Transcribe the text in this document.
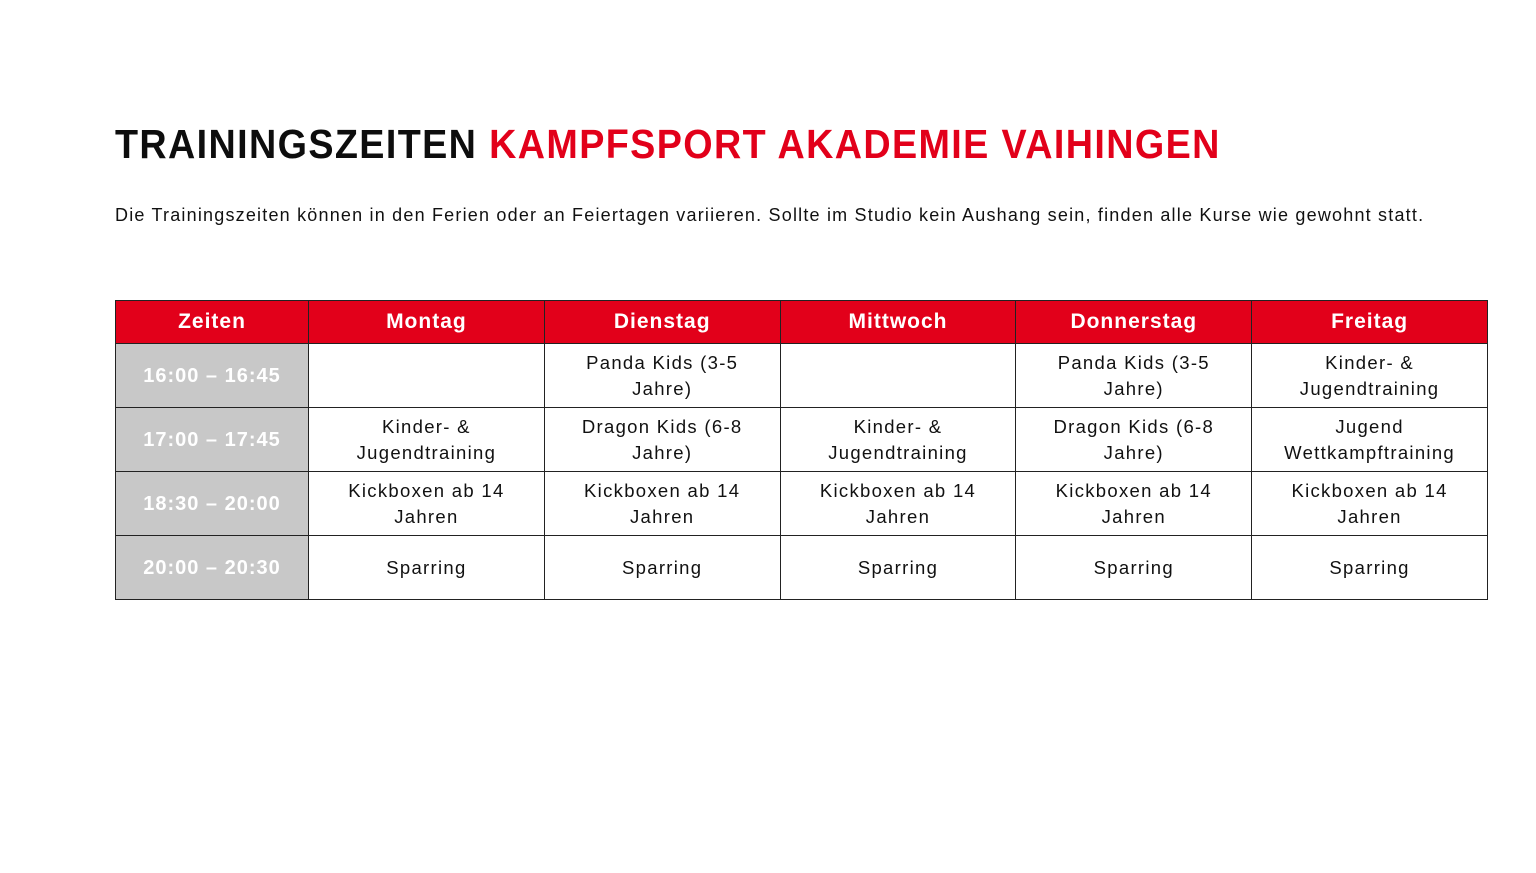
TRAININGSZEITEN KAMPFSPORT AKADEMIE VAIHINGEN

Die Trainingszeiten können in den Ferien oder an Feiertagen variieren. Sollte im Studio kein Aushang sein, finden alle Kurse wie gewohnt statt.

Zeiten	Montag	Dienstag	Mittwoch	Donnerstag	Freitag
16:00 – 16:45		Panda Kids (3-5 Jahre)		Panda Kids (3-5 Jahre)	Kinder- & Jugendtraining
17:00 – 17:45	Kinder- & Jugendtraining	Dragon Kids (6-8 Jahre)	Kinder- & Jugendtraining	Dragon Kids (6-8 Jahre)	Jugend Wettkampftraining
18:30 – 20:00	Kickboxen ab 14 Jahren	Kickboxen ab 14 Jahren	Kickboxen ab 14 Jahren	Kickboxen ab 14 Jahren	Kickboxen ab 14 Jahren
20:00 – 20:30	Sparring	Sparring	Sparring	Sparring	Sparring
